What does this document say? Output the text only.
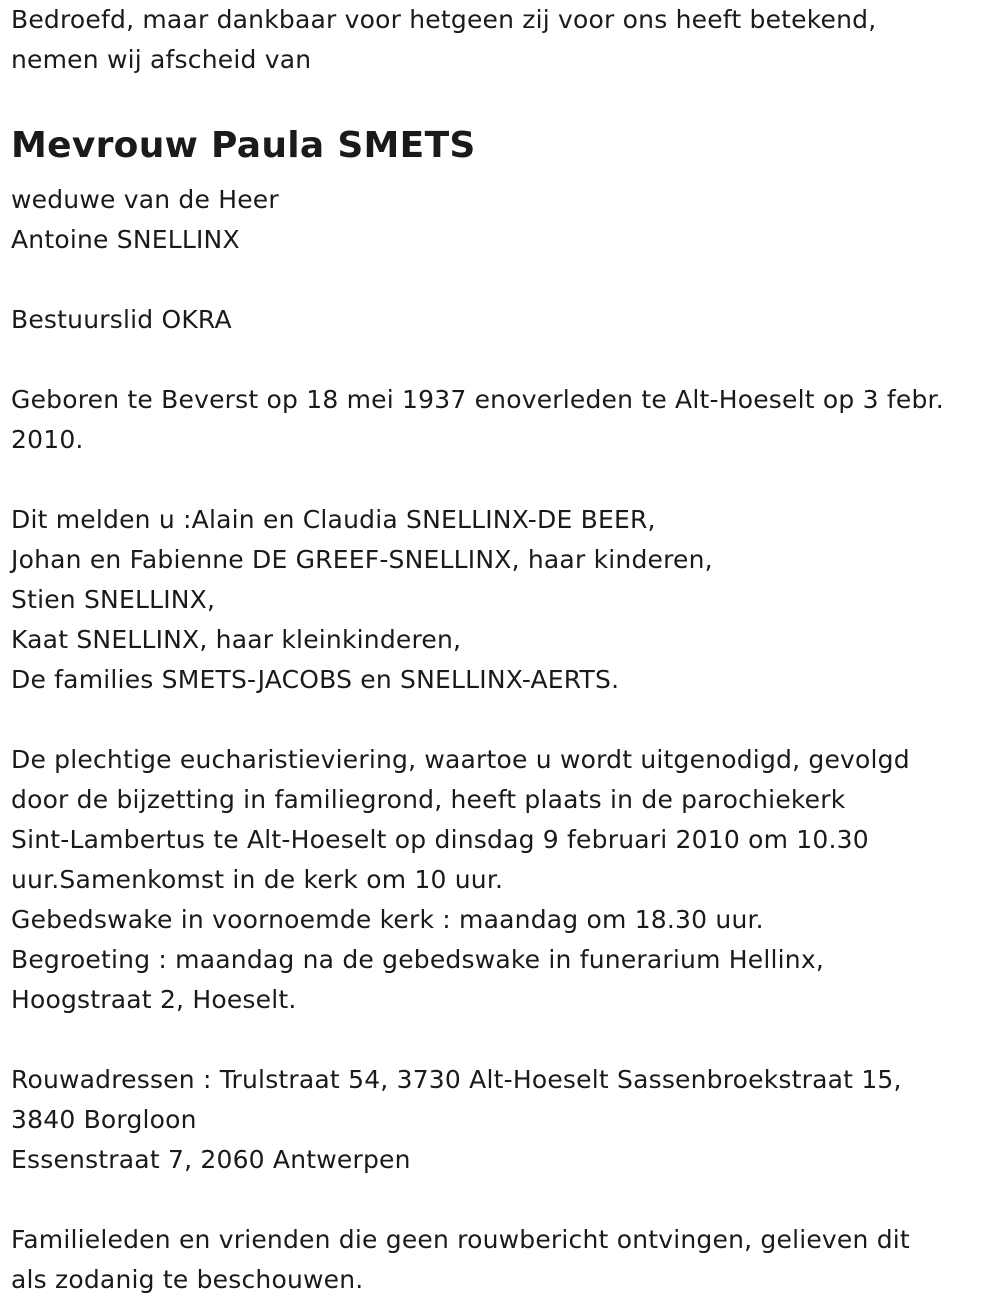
Bedroefd, maar dankbaar voor hetgeen zij voor ons heeft betekend,
nemen wij afscheid van
Mevrouw Paula SMETS
weduwe van de Heer
Antoine SNELLINX
Bestuurslid OKRA
Geboren te Beverst op 18 mei 1937 enoverleden te Alt-Hoeselt op 3 febr.
2010.
Dit melden u :Alain en Claudia SNELLINX-DE BEER,
Johan en Fabienne DE GREEF-SNELLINX, haar kinderen,
Stien SNELLINX,
Kaat SNELLINX, haar kleinkinderen,
De families SMETS-JACOBS en SNELLINX-AERTS.
De plechtige eucharistieviering, waartoe u wordt uitgenodigd, gevolgd
door de bijzetting in familiegrond, heeft plaats in de parochiekerk
Sint-Lambertus te Alt-Hoeselt op dinsdag 9 februari 2010 om 10.30
uur.Samenkomst in de kerk om 10 uur.
Gebedswake in voornoemde kerk : maandag om 18.30 uur.
Begroeting : maandag na de gebedswake in funerarium Hellinx,
Hoogstraat 2, Hoeselt.
Rouwadressen : Trulstraat 54, 3730 Alt-Hoeselt Sassenbroekstraat 15,
3840 Borgloon
Essenstraat 7, 2060 Antwerpen
Familieleden en vrienden die geen rouwbericht ontvingen, gelieven dit
als zodanig te beschouwen.
